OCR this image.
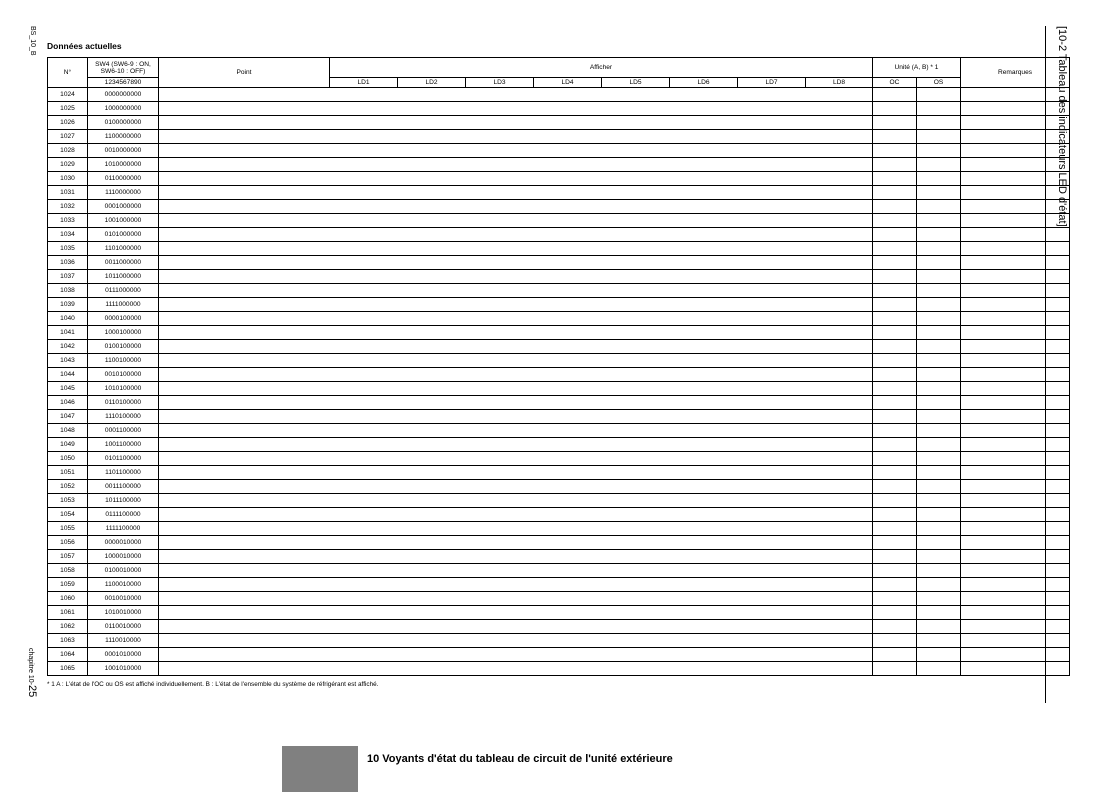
BS_10_B
chapitre 10-25
Données actuelles
N°	SW4 (SW6-9 : ON, SW6-10 : OFF)	Point	Afficher								Unité (A, B) * 1		Remarques
	1234567890		LD1	LD2	LD3	LD4	LD5	LD6	LD7	LD8	OC	OS	
1024	0000000000												
1025	1000000000												
1026	0100000000												
1027	1100000000												
1028	0010000000												
1029	1010000000												
1030	0110000000												
1031	1110000000												
1032	0001000000												
1033	1001000000												
1034	0101000000												
1035	1101000000												
1036	0011000000												
1037	1011000000												
1038	0111000000												
1039	1111000000												
1040	0000100000												
1041	1000100000												
1042	0100100000												
1043	1100100000												
1044	0010100000												
1045	1010100000												
1046	0110100000												
1047	1110100000												
1048	0001100000												
1049	1001100000												
1050	0101100000												
1051	1101100000												
1052	0011100000												
1053	1011100000												
1054	0111100000												
1055	1111100000												
1056	0000010000												
1057	1000010000												
1058	0100010000												
1059	1100010000												
1060	0010010000												
1061	1010010000												
1062	0110010000												
1063	1110010000												
1064	0001010000												
1065	1001010000												
* 1 A : L'état de l'OC ou OS est affiché individuellement. B : L'état de l'ensemble du système de réfrigérant est affiché.
[10-2 Tableau des indicateurs LED d'état]
10 Voyants d'état du tableau de circuit de l'unité extérieure
